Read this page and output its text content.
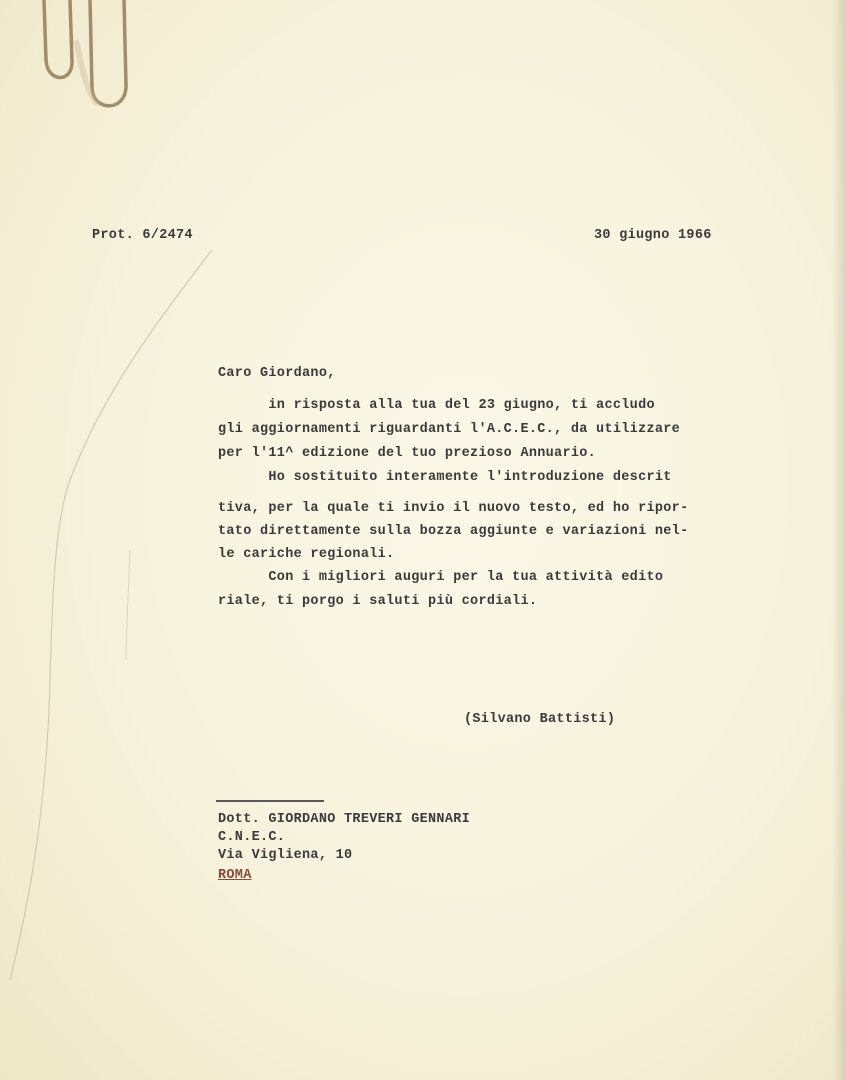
Prot. 6/2474	30 giugno 1966
Caro Giordano,
in risposta alla tua del 23 giugno, ti accludo
gli aggiornamenti riguardanti l'A.C.E.C., da utilizzare
per l'11^ edizione del tuo prezioso Annuario.
Ho sostituito interamente l'introduzione descrit
tiva, per la quale ti invio il nuovo testo, ed ho ripor-
tato direttamente sulla bozza aggiunte e variazioni nel-
le cariche regionali.
Con i migliori auguri per la tua attività edito
riale, ti porgo i saluti più cordiali.
(Silvano Battisti)
Dott. GIORDANO TREVERI GENNARI
C.N.E.C.
Via Vigliena, 10
ROMA
